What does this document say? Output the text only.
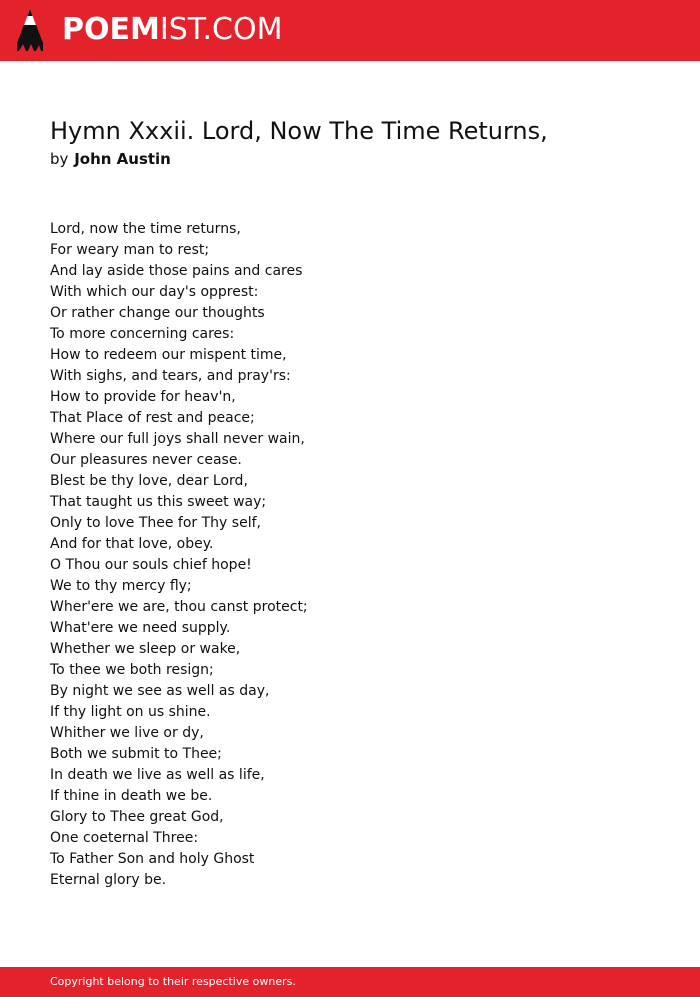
POEMIST.COM
Hymn Xxxii. Lord, Now The Time Returns,
by John Austin
Lord, now the time returns,
For weary man to rest;
And lay aside those pains and cares
With which our day's opprest:
Or rather change our thoughts
To more concerning cares:
How to redeem our mispent time,
With sighs, and tears, and pray'rs:
How to provide for heav'n,
That Place of rest and peace;
Where our full joys shall never wain,
Our pleasures never cease.
Blest be thy love, dear Lord,
That taught us this sweet way;
Only to love Thee for Thy self,
And for that love, obey.
O Thou our souls chief hope!
We to thy mercy fly;
Wher'ere we are, thou canst protect;
What'ere we need supply.
Whether we sleep or wake,
To thee we both resign;
By night we see as well as day,
If thy light on us shine.
Whither we live or dy,
Both we submit to Thee;
In death we live as well as life,
If thine in death we be.
Glory to Thee great God,
One coeternal Three:
To Father Son and holy Ghost
Eternal glory be.
Copyright belong to their respective owners.
